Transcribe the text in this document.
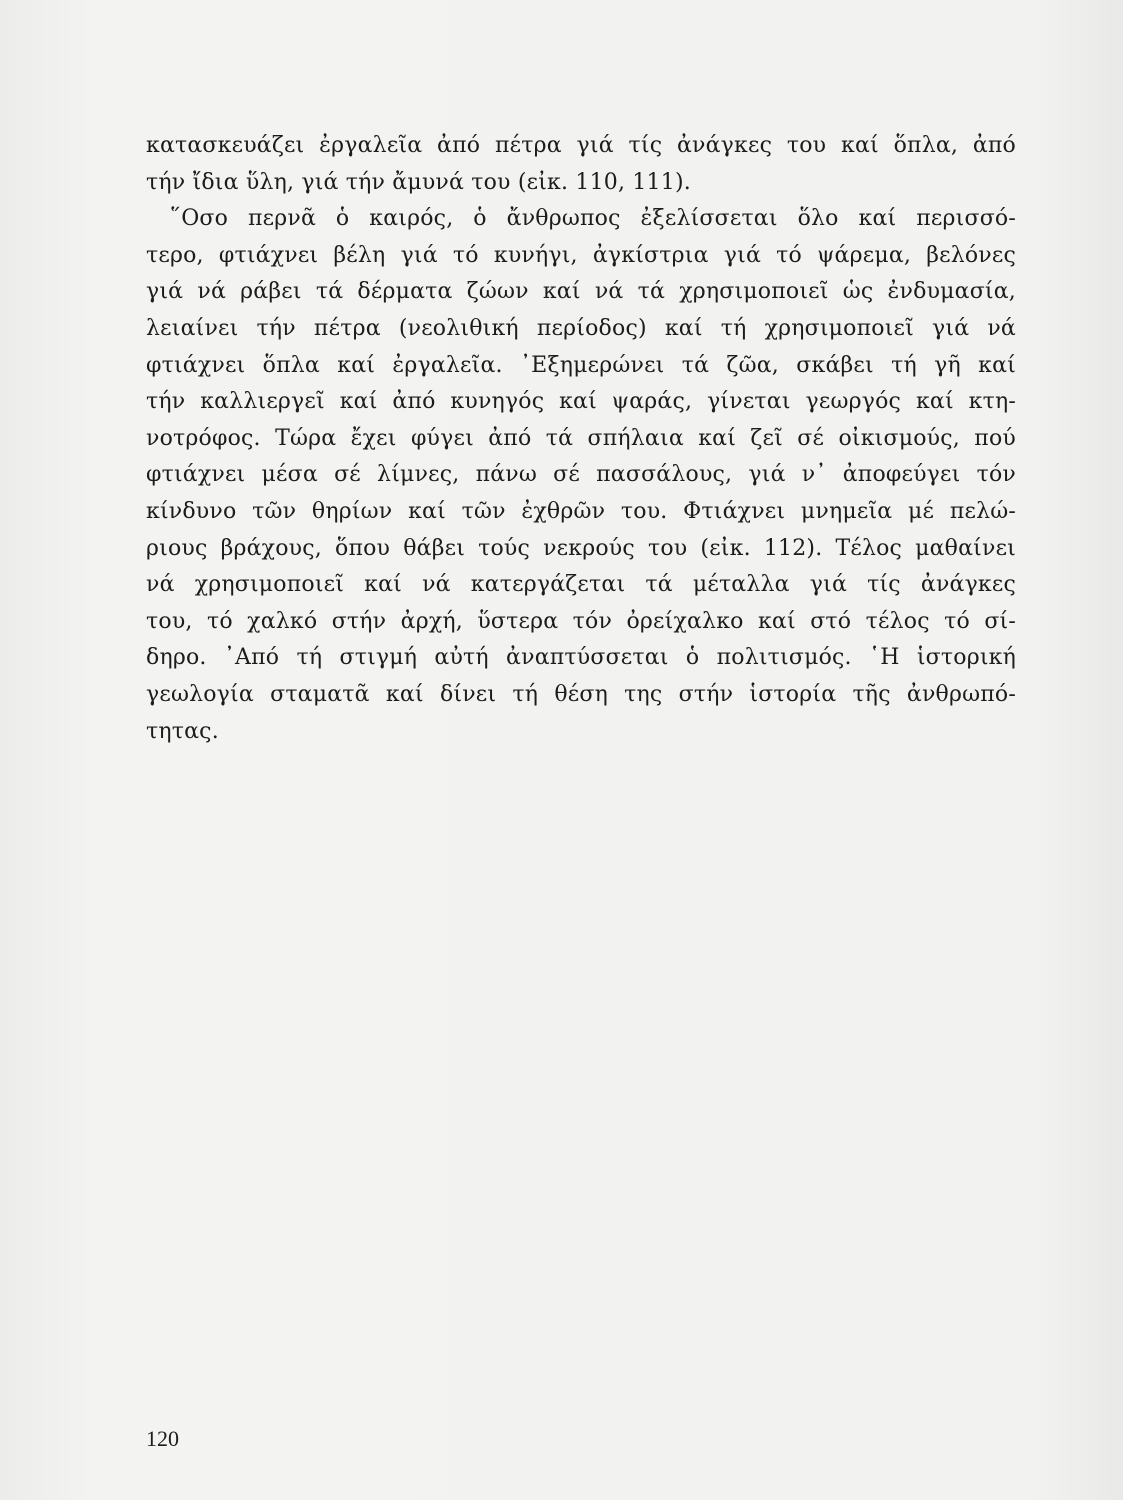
κατασκευάζει ἐργαλεῖα ἀπό πέτρα γιά τίς ἀνάγκες του καί ὅπλα, ἀπό
τήν ἴδια ὕλη, γιά τήν ἄμυνά του (εἰκ. 110, 111).
῞Οσο περνᾶ ὁ καιρός, ὁ ἄνθρωπος ἐξελίσσεται ὅλο καί περισσό-
τερο, φτιάχνει βέλη γιά τό κυνήγι, ἀγκίστρια γιά τό ψάρεμα, βελόνες
γιά νά ράβει τά δέρματα ζώων καί νά τά χρησιμοποιεῖ ὡς ἐνδυμασία,
λειαίνει τήν πέτρα (νεολιθική περίοδος) καί τή χρησιμοποιεῖ γιά νά
φτιάχνει ὅπλα καί ἐργαλεῖα. ᾽Εξημερώνει τά ζῶα, σκάβει τή γῆ καί
τήν καλλιεργεῖ καί ἀπό κυνηγός καί ψαράς, γίνεται γεωργός καί κτη-
νοτρόφος. Τώρα ἔχει φύγει ἀπό τά σπήλαια καί ζεῖ σέ οἰκισμούς, πού
φτιάχνει μέσα σέ λίμνες, πάνω σέ πασσάλους, γιά ν᾽ ἀποφεύγει τόν
κίνδυνο τῶν θηρίων καί τῶν ἐχθρῶν του. Φτιάχνει μνημεῖα μέ πελώ-
ριους βράχους, ὅπου θάβει τούς νεκρούς του (εἰκ. 112). Τέλος μαθαίνει
νά χρησιμοποιεῖ καί νά κατεργάζεται τά μέταλλα γιά τίς ἀνάγκες
του, τό χαλκό στήν ἀρχή, ὕστερα τόν ὀρείχαλκο καί στό τέλος τό σί-
δηρο. ᾽Από τή στιγμή αὐτή ἀναπτύσσεται ὁ πολιτισμός. ῾Η ἱστορική
γεωλογία σταματᾶ καί δίνει τή θέση της στήν ἱστορία τῆς ἀνθρωπό-
τητας.
120
